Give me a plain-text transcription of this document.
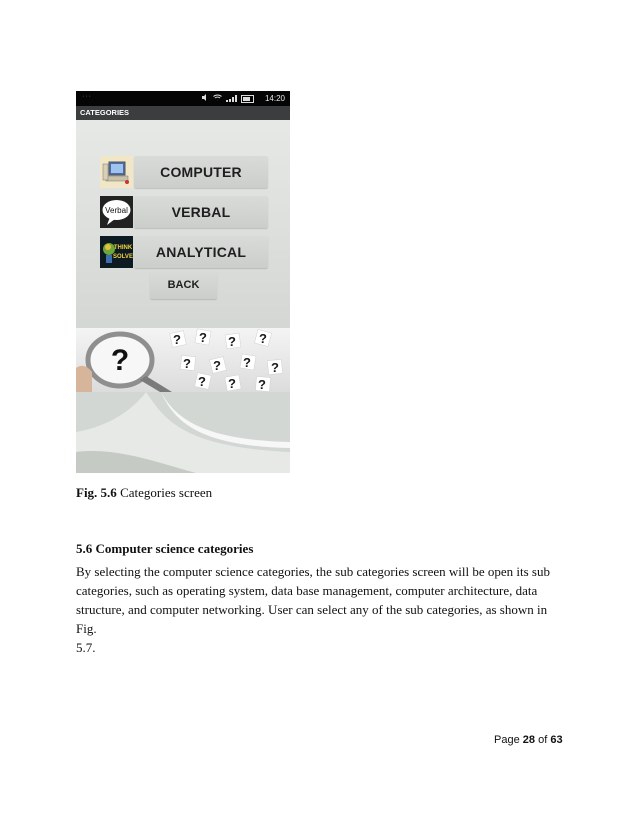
···	14:20
CATEGORIES
COMPUTER
Verbal	VERBAL
THINK
SOLVE	ANALYTICAL
BACK
? ? ? ?
? ? ? ?
? ? ?
?
Fig. 5.6 Categories screen
5.6 Computer science categories

By selecting the computer science categories, the sub categories screen will be open its sub
categories, such as operating system, data base management, computer architecture, data
structure, and computer networking. User can select any of the sub categories, as shown in Fig.
5.7.

Page 28 of 63
